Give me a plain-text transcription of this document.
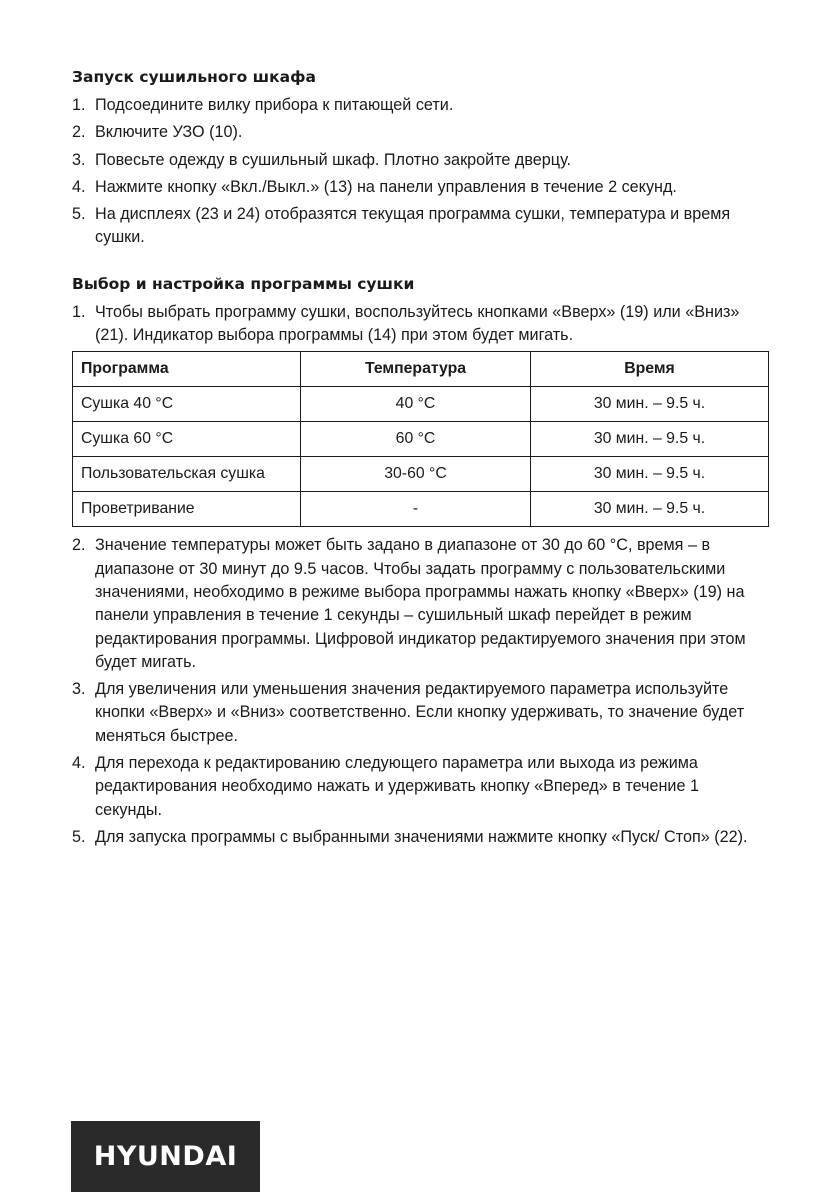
Запуск сушильного шкафа
1. Подсоедините вилку прибора к питающей сети.
2. Включите УЗО (10).
3. Повесьте одежду в сушильный шкаф. Плотно закройте дверцу.
4. Нажмите кнопку «Вкл./Выкл.» (13) на панели управления в течение 2 секунд.
5. На дисплеях (23 и 24) отобразятся текущая программа сушки, температура и время сушки.
Выбор и настройка программы сушки
1. Чтобы выбрать программу сушки, воспользуйтесь кнопками «Вверх» (19) или «Вниз» (21). Индикатор выбора программы (14) при этом будет мигать.
Программа	Температура	Время
Сушка 40 °С	40 °С	30 мин. – 9.5 ч.
Сушка 60 °С	60 °С	30 мин. – 9.5 ч.
Пользовательская сушка	30-60 °С	30 мин. – 9.5 ч.
Проветривание	-	30 мин. – 9.5 ч.
2. Значение температуры может быть задано в диапазоне от 30 до 60 °С, время – в диапазоне от 30 минут до 9.5 часов. Чтобы задать программу с пользовательскими значениями, необходимо в режиме выбора программы нажать кнопку «Вверх» (19) на панели управления в течение 1 секунды – сушильный шкаф перейдет в режим редактирования программы. Цифровой индикатор редактируемого значения при этом будет мигать.
3. Для увеличения или уменьшения значения редактируемого параметра используйте кнопки «Вверх» и «Вниз» соответственно. Если кнопку удерживать, то значение будет меняться быстрее.
4. Для перехода к редактированию следующего параметра или выхода из режима редактирования необходимо нажать и удерживать кнопку «Вперед» в течение 1 секунды.
5. Для запуска программы с выбранными значениями нажмите кнопку «Пуск/ Стоп» (22).
HYUNDAI
